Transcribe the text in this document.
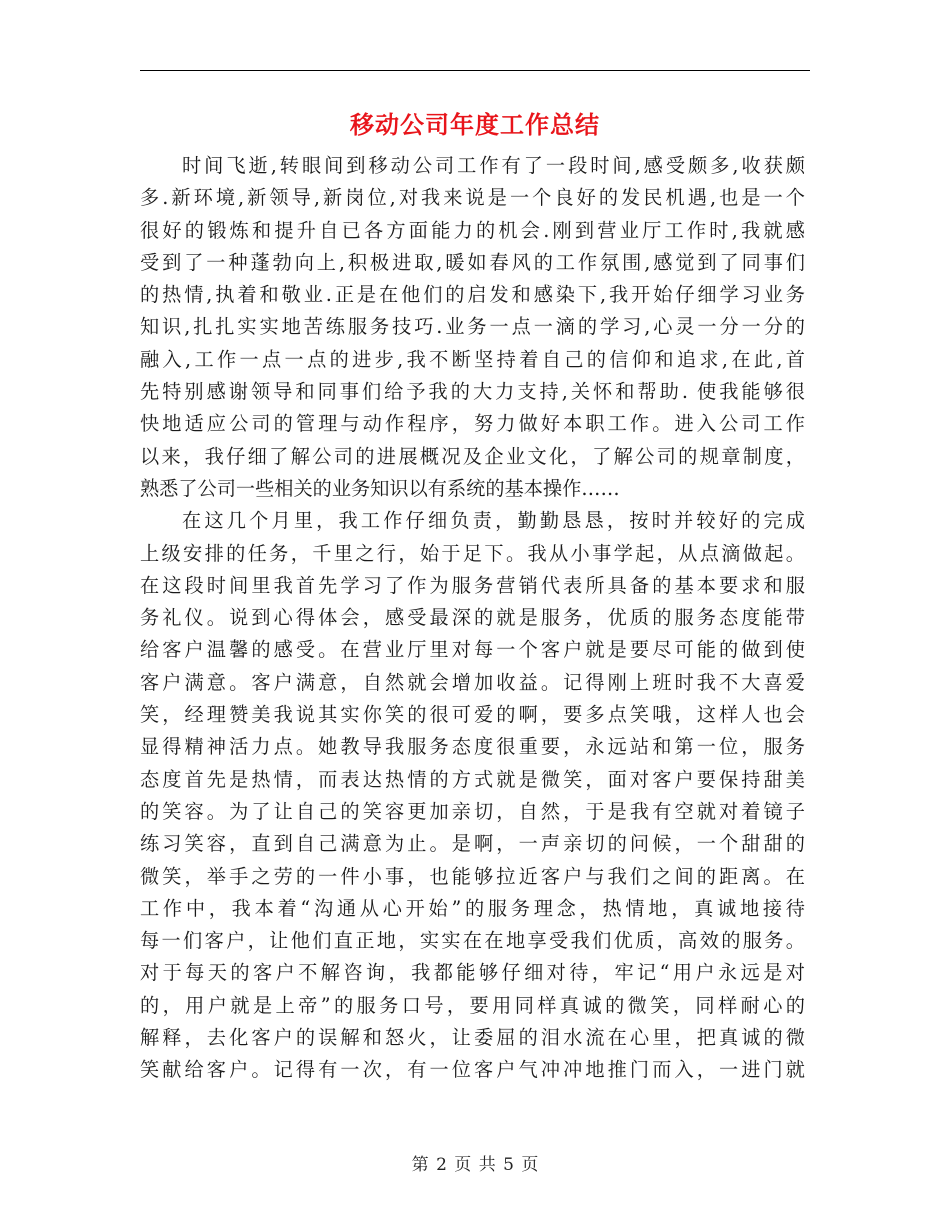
移动公司年度工作总结
时间飞逝,转眼间到移动公司工作有了一段时间,感受颇多,收获颇
多.新环境,新领导,新岗位,对我来说是一个良好的发民机遇,也是一个
很好的锻炼和提升自已各方面能力的机会.刚到营业厅工作时,我就感
受到了一种蓬勃向上,积极进取,暖如春风的工作氛围,感觉到了同事们
的热情,执着和敬业.正是在他们的启发和感染下,我开始仔细学习业务
知识,扎扎实实地苦练服务技巧.业务一点一滴的学习,心灵一分一分的
融入,工作一点一点的进步,我不断坚持着自己的信仰和追求,在此,首
先特别感谢领导和同事们给予我的大力支持,关怀和帮助. 使我能够很
快地适应公司的管理与动作程序，努力做好本职工作。进入公司工作
以来，我仔细了解公司的进展概况及企业文化，了解公司的规章制度，
熟悉了公司一些相关的业务知识以有系统的基本操作……
在这几个月里，我工作仔细负责，勤勤恳恳，按时并较好的完成
上级安排的任务，千里之行，始于足下。我从小事学起，从点滴做起。
在这段时间里我首先学习了作为服务营销代表所具备的基本要求和服
务礼仪。说到心得体会，感受最深的就是服务，优质的服务态度能带
给客户温馨的感受。在营业厅里对每一个客户就是要尽可能的做到使
客户满意。客户满意，自然就会增加收益。记得刚上班时我不大喜爱
笑，经理赞美我说其实你笑的很可爱的啊，要多点笑哦，这样人也会
显得精神活力点。她教导我服务态度很重要，永远站和第一位，服务
态度首先是热情，而表达热情的方式就是微笑，面对客户要保持甜美
的笑容。为了让自己的笑容更加亲切，自然，于是我有空就对着镜子
练习笑容，直到自己满意为止。是啊，一声亲切的问候，一个甜甜的
微笑，举手之劳的一件小事，也能够拉近客户与我们之间的距离。在
工作中，我本着“沟通从心开始”的服务理念，热情地，真诚地接待
每一们客户，让他们直正地，实实在在地享受我们优质，高效的服务。
对于每天的客户不解咨询，我都能够仔细对待，牢记“用户永远是对
的，用户就是上帝”的服务口号，要用同样真诚的微笑，同样耐心的
解释，去化客户的误解和怒火，让委屈的泪水流在心里，把真诚的微
笑献给客户。记得有一次，有一位客户气冲冲地推门而入，一进门就
第 2 页 共 5 页
